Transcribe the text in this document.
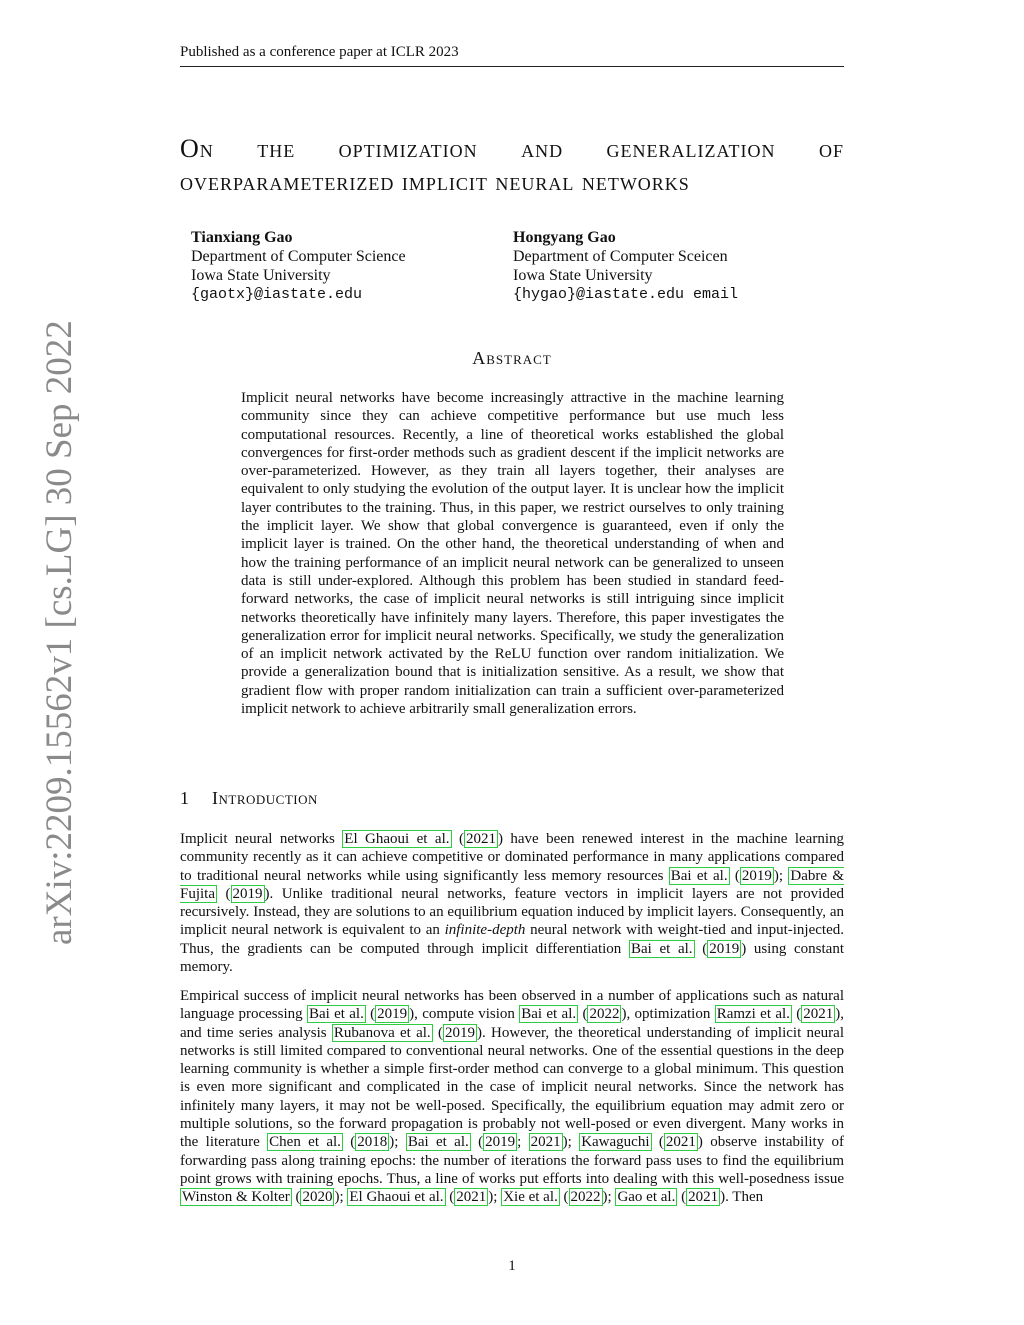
Published as a conference paper at ICLR 2023
On the optimization and generalization of
overparameterized implicit neural networks
Tianxiang Gao
Department of Computer Science
Iowa State University
{gaotx}@iastate.edu
Hongyang Gao
Department of Computer Sceicen
Iowa State University
{hygao}@iastate.edu email
arXiv:2209.15562v1 [cs.LG] 30 Sep 2022	Abstract
Implicit neural networks have become increasingly attractive in the machine learning community since they can achieve competitive performance but use much less computational resources. Recently, a line of theoretical works established the global convergences for first-order methods such as gradient descent if the implicit networks are over-parameterized. However, as they train all layers together, their analyses are equivalent to only studying the evolution of the output layer. It is unclear how the implicit layer contributes to the training. Thus, in this paper, we restrict ourselves to only training the implicit layer. We show that global convergence is guaranteed, even if only the implicit layer is trained. On the other hand, the theoretical understanding of when and how the training performance of an implicit neural network can be generalized to unseen data is still under-explored. Although this problem has been studied in standard feed-forward networks, the case of implicit neural networks is still intriguing since implicit networks theoretically have infinitely many layers. Therefore, this paper investigates the generalization error for implicit neural networks. Specifically, we study the generalization of an implicit network activated by the ReLU function over random initialization. We provide a generalization bound that is initialization sensitive. As a result, we show that gradient flow with proper random initialization can train a sufficient over-parameterized implicit network to achieve arbitrarily small generalization errors.
1 Introduction
Implicit neural networks El Ghaoui et al. ( 2021 ) have been renewed interest in the machine learning community recently as it can achieve competitive or dominated performance in many applications compared to traditional neural networks while using significantly less memory resources Bai et al. ( 2019 ); Dabre & Fujita ( 2019 ). Unlike traditional neural networks, feature vectors in implicit layers are not provided recursively. Instead, they are solutions to an equilibrium equation induced by implicit layers. Consequently, an implicit neural network is equivalent to an infinite-depth neural network with weight-tied and input-injected. Thus, the gradients can be computed through implicit differentiation Bai et al. ( 2019 ) using constant memory.
Empirical success of implicit neural networks has been observed in a number of applications such as natural language processing Bai et al. ( 2019 ), compute vision Bai et al. ( 2022 ), optimization Ramzi et al. ( 2021 ), and time series analysis Rubanova et al. ( 2019 ). However, the theoretical understanding of implicit neural networks is still limited compared to conventional neural networks. One of the essential questions in the deep learning community is whether a simple first-order method can converge to a global minimum. This question is even more significant and complicated in the case of implicit neural networks. Since the network has infinitely many layers, it may not be well-posed. Specifically, the equilibrium equation may admit zero or multiple solutions, so the forward propagation is probably not well-posed or even divergent. Many works in the literature Chen et al. ( 2018 ); Bai et al. ( 2019 ; 2021 ); Kawaguchi ( 2021 ) observe instability of forwarding pass along training epochs: the number of iterations the forward pass uses to find the equilibrium point grows with training epochs. Thus, a line of works put efforts into dealing with this well-posedness issue Winston & Kolter ( 2020 ); El Ghaoui et al. ( 2021 ); Xie et al. ( 2022 ); Gao et al. ( 2021 ). Then
1
